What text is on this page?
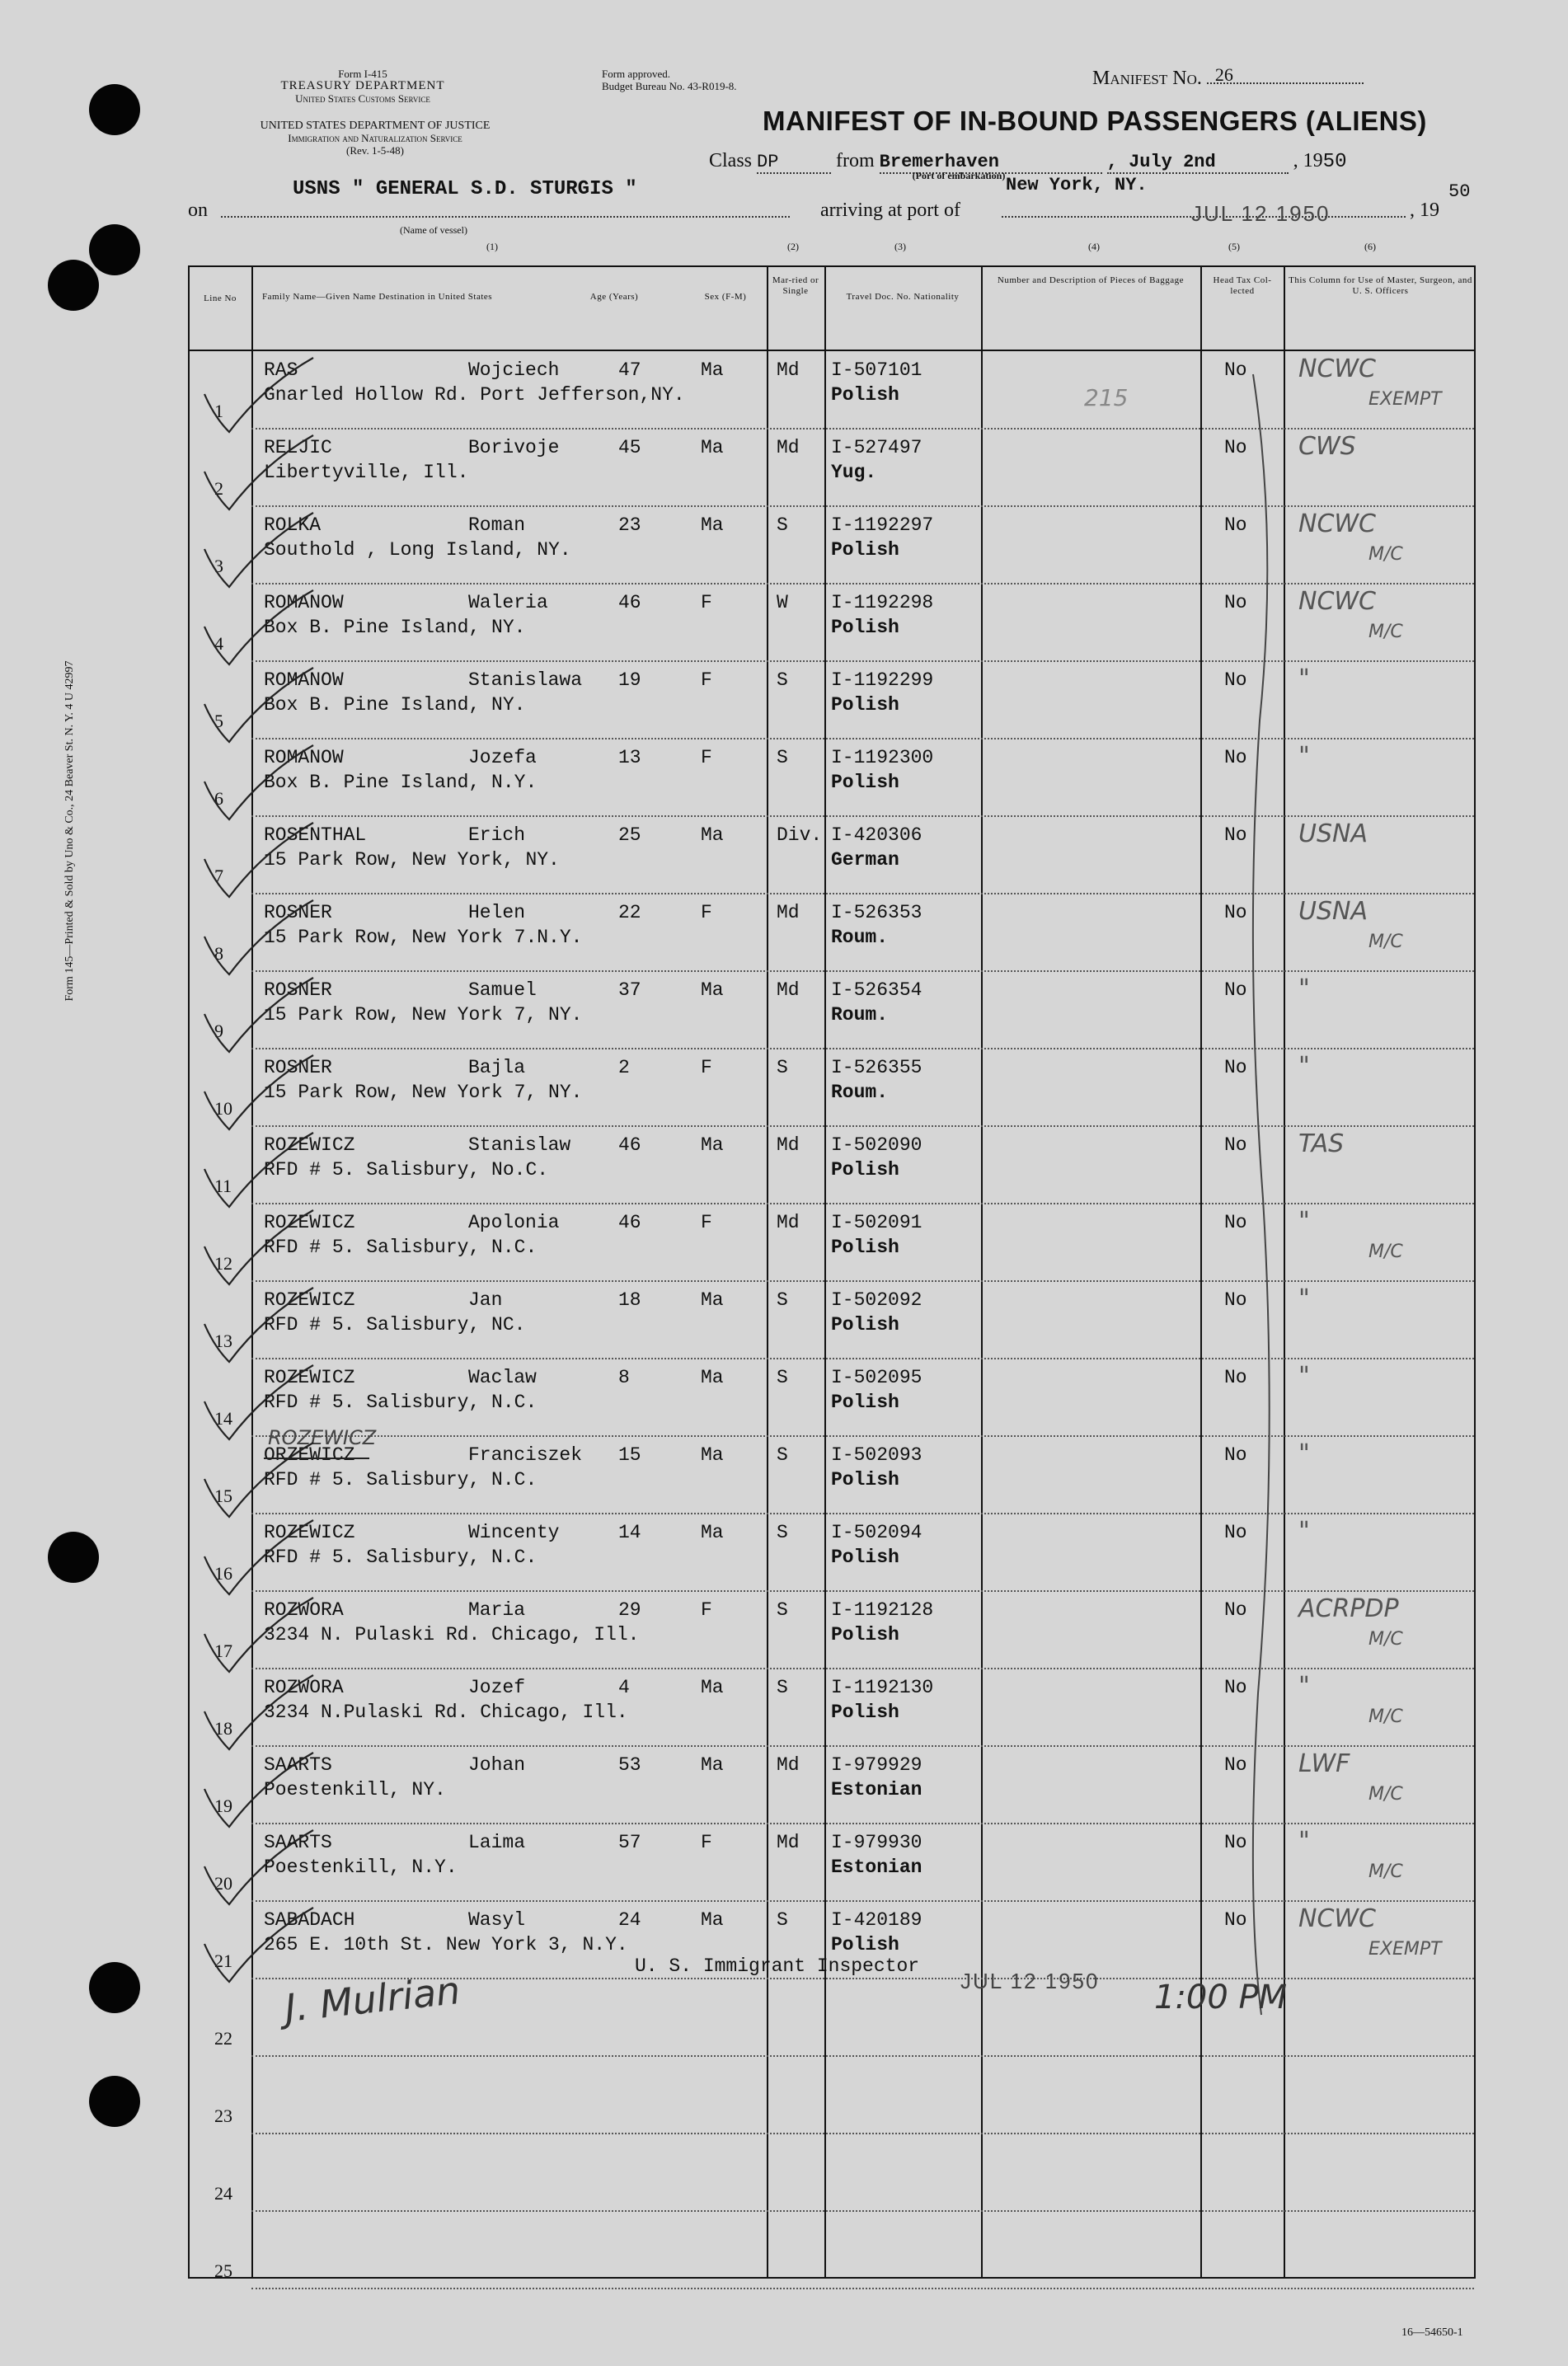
Form 145—Printed & Sold by Uno & Co., 24 Beaver St. N. Y. 4 U 42997
Form I-415
TREASURY DEPARTMENT
United States Customs Service
UNITED STATES DEPARTMENT OF JUSTICE
Immigration and Naturalization Service
(Rev. 1-5-48)
Form approved.
Budget Bureau No. 43-R019-8.	Manifest No. 26
MANIFEST OF IN-BOUND PASSENGERS (ALIENS)
Class DP	from Bremerhaven
(Port of embarkation)
, July 2nd	, 1950
on
USNS " GENERAL S.D. STURGIS "
(Name of vessel)
arriving at port of
New York, NY.
JUL 12 1950	, 19
50
(1)	(2)	(3)	(4)	(5)	(6)
Line No	Family Name—Given Name Destination in United States	Age (Years)	Sex (F-M)
Mar-ried or Single
Travel Doc. No. Nationality
Number and Description of Pieces of Baggage	Head Tax Col-lected
This Column for Use of Master, Surgeon, and U. S. Officers
1
RAS	Wojciech	47	Ma	Md I-507101
Gnarled Hollow Rd. Port Jefferson,NY.	Polish
No
215
NCWC
EXEMPT
2
RELJIC	Borivoje	45	Ma	Md I-527497
Libertyville, Ill.	Yug.
No CWS
3
ROLKA	Roman	23	Ma	S I-1192297
Southold , Long Island, NY.	Polish
No NCWC
M/C
4
ROMANOW	Waleria	46	F	W I-1192298
Box B. Pine Island, NY.	Polish
No NCWC
M/C
5
ROMANOW	Stanislawa 19	F	S I-1192299
Box B. Pine Island, NY.	Polish
No "
6
ROMANOW	Jozefa	13	F	S I-1192300
Box B. Pine Island, N.Y.	Polish
No "
7
ROSENTHAL	Erich	25	Ma	Div. I-420306
15 Park Row, New York, NY.	German
No USNA
8
ROSNER	Helen	22	F	Md I-526353
15 Park Row, New York 7.N.Y.	Roum.
No USNA
M/C
9
ROSNER	Samuel	37	Ma	Md I-526354
15 Park Row, New York 7, NY.	Roum.
No "
10
ROSNER	Bajla	2	F	S I-526355
15 Park Row, New York 7, NY.	Roum.
No "
11
ROZEWICZ	Stanislaw	46	Ma	Md I-502090
RFD # 5. Salisbury, No.C.	Polish
No TAS
12
ROZEWICZ	Apolonia	46	F	Md I-502091
RFD # 5. Salisbury, N.C.	Polish
No "
M/C
13
ROZEWICZ	Jan	18	Ma	S I-502092
RFD # 5. Salisbury, NC.	Polish
No "
14
ROZEWICZ	Waclaw	8	Ma	S I-502095
RFD # 5. Salisbury, N.C.	Polish
No "
15
ORZEWICZ	Franciszek 15	Ma	S I-502093
RFD # 5. Salisbury, N.C.	Polish
No "
ROZEWICZ
16
ROZEWICZ	Wincenty	14	Ma	S I-502094
RFD # 5. Salisbury, N.C.	Polish
No "
17
ROZWORA	Maria	29	F	S I-1192128
3234 N. Pulaski Rd. Chicago, Ill.	Polish
No ACRPDP
M/C
18
ROZWORA	Jozef	4	Ma	S I-1192130
3234 N.Pulaski Rd. Chicago, Ill.	Polish
No "
M/C
19
SAARTS	Johan	53	Ma	Md I-979929
Poestenkill, NY.	Estonian
No LWF
M/C
20
SAARTS	Laima	57	F	Md I-979930
Poestenkill, N.Y.	Estonian
No "
M/C
21
SABADACH	Wasyl	24	Ma	S I-420189
265 E. 10th St. New York 3, N.Y.	Polish
No NCWC
EXEMPT
22
23
24
25
J. Mulrian
U. S. Immigrant Inspector
JUL 12 1950 1:00 PM
16—54650-1
